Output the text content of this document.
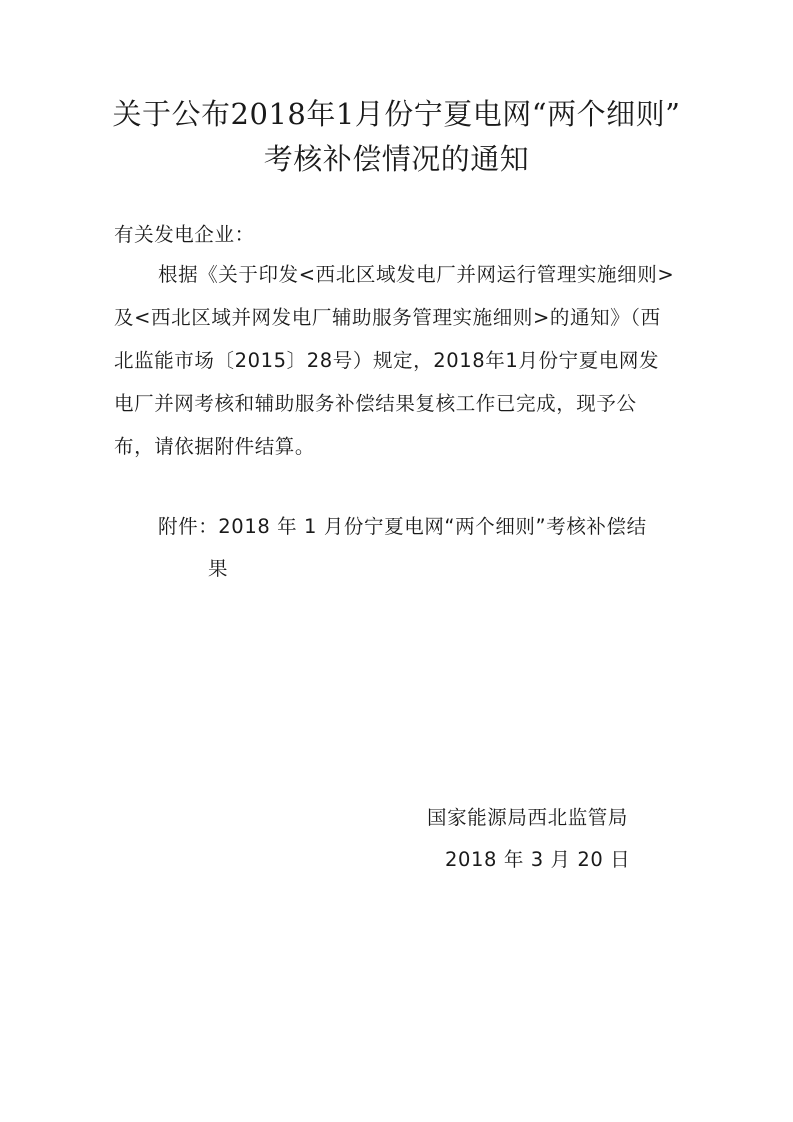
关于公布2018年1月份宁夏电网“两个细则”
考核补偿情况的通知
有关发电企业：
根据《关于印发<西北区域发电厂并网运行管理实施细则>
及<西北区域并网发电厂辅助服务管理实施细则>的通知》（西
北监能市场〔2015〕28号）规定，2018年1月份宁夏电网发
电厂并网考核和辅助服务补偿结果复核工作已完成，现予公
布，请依据附件结算。
附件：2018 年 1 月份宁夏电网“两个细则”考核补偿结
果
国家能源局西北监管局
2018 年 3 月 20 日
